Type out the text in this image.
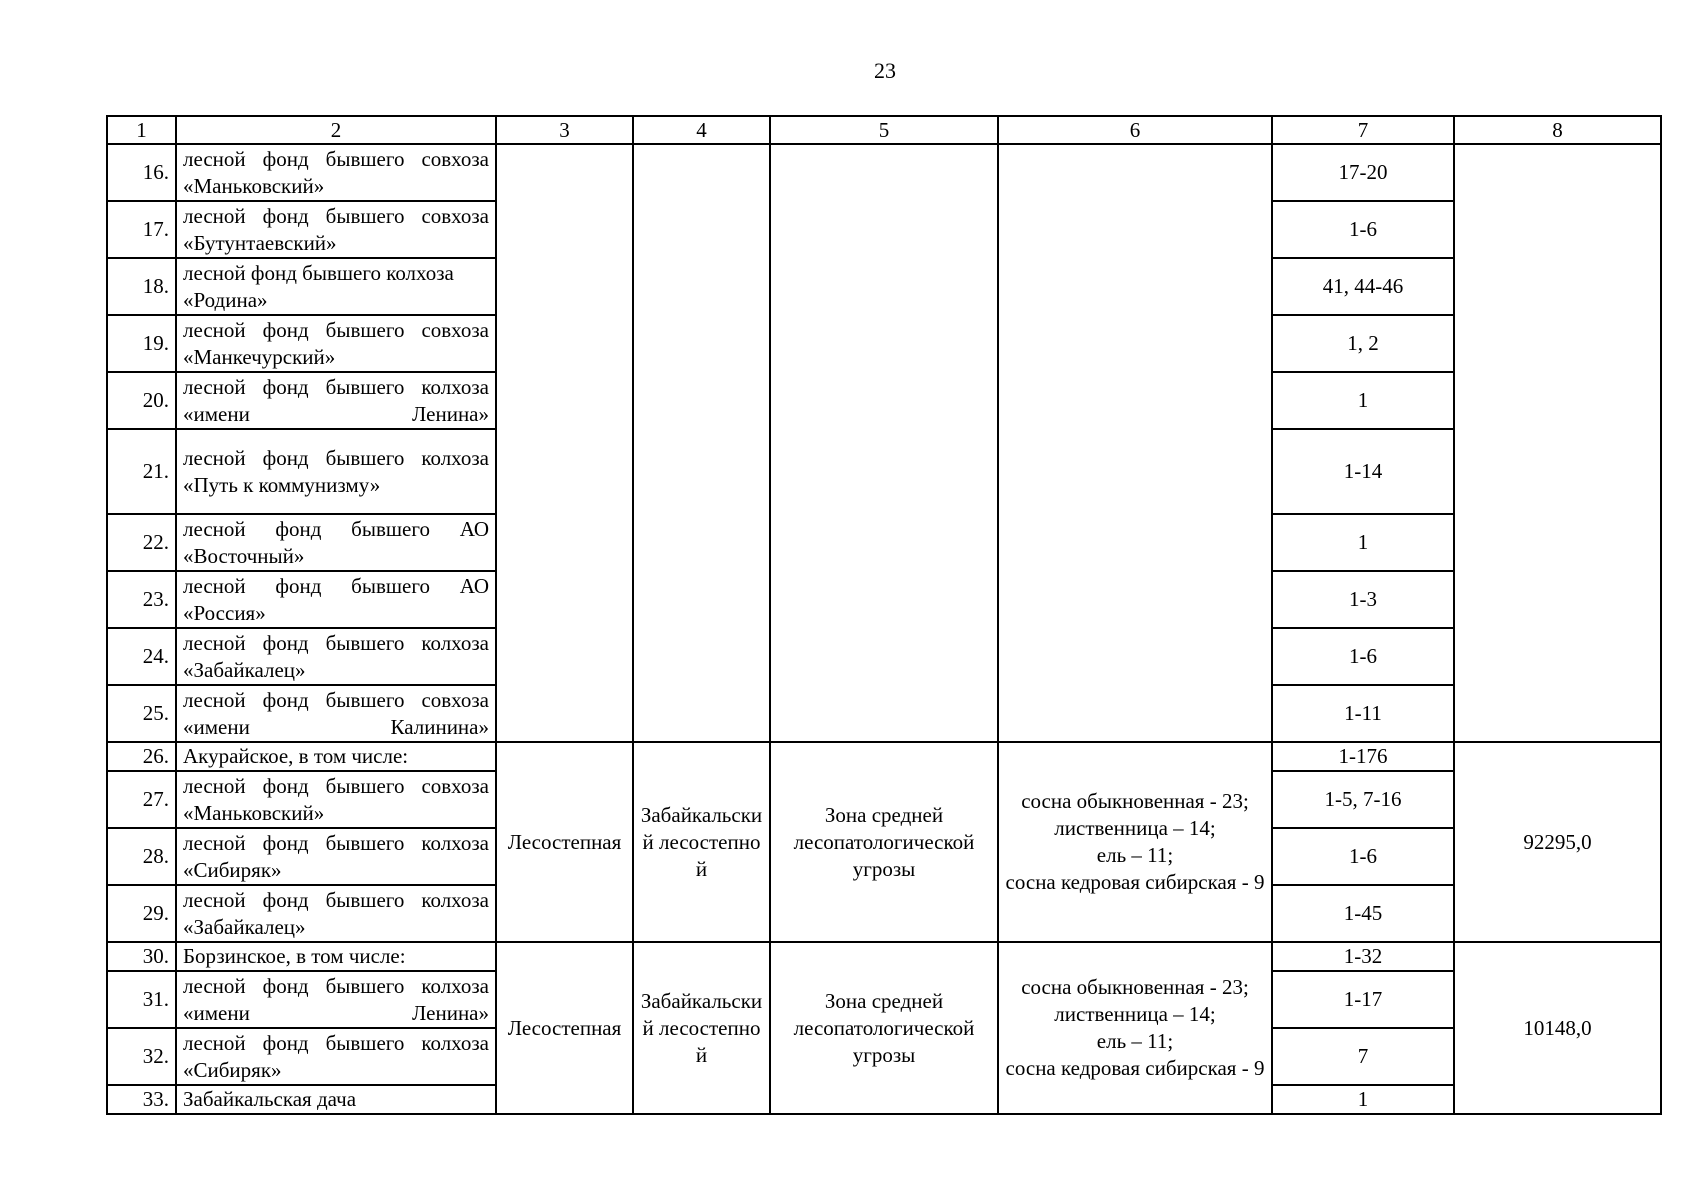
23
1	2	3	4	5	6	7	8
16.	лесной фонд бывшего совхоза «Маньковский»					17-20	
17.	лесной фонд бывшего совхоза «Бутунтаевский»					1-6	
18.	лесной фонд бывшего колхоза «Родина»					41, 44-46	
19.	лесной фонд бывшего совхоза «Манкечурский»					1, 2	
20.	лесной фонд бывшего колхоза «имени Ленина»					1	
21.	лесной фонд бывшего колхоза «Путь к коммунизму»					1-14	
22.	лесной фонд бывшего АО «Восточный»					1	
23.	лесной фонд бывшего АО «Россия»					1-3	
24.	лесной фонд бывшего колхоза «Забайкалец»					1-6	
25.	лесной фонд бывшего совхоза «имени Калинина»					1-11	
26.	Акурайское, в том числе:	Лесостепная	Забайкальский лесостепной	Зона средней лесопатологической угрозы	сосна обыкновенная - 23; лиственница – 14;
ель – 11;
сосна кедровая сибирская - 9	1-176	92295,0
27.	лесной фонд бывшего совхоза «Маньковский»					1-5, 7-16	
28.	лесной фонд бывшего колхоза «Сибиряк»					1-6	
29.	лесной фонд бывшего колхоза «Забайкалец»					1-45	
30.	Борзинское, в том числе:	Лесостепная	Забайкальский лесостепной	Зона средней лесопатологической угрозы	сосна обыкновенная - 23; лиственница – 14;
ель – 11;
сосна кедровая сибирская - 9	1-32	10148,0
31.	лесной фонд бывшего колхоза «имени Ленина»					1-17	
32.	лесной фонд бывшего колхоза «Сибиряк»					7	
33.	Забайкальская дача					1	
